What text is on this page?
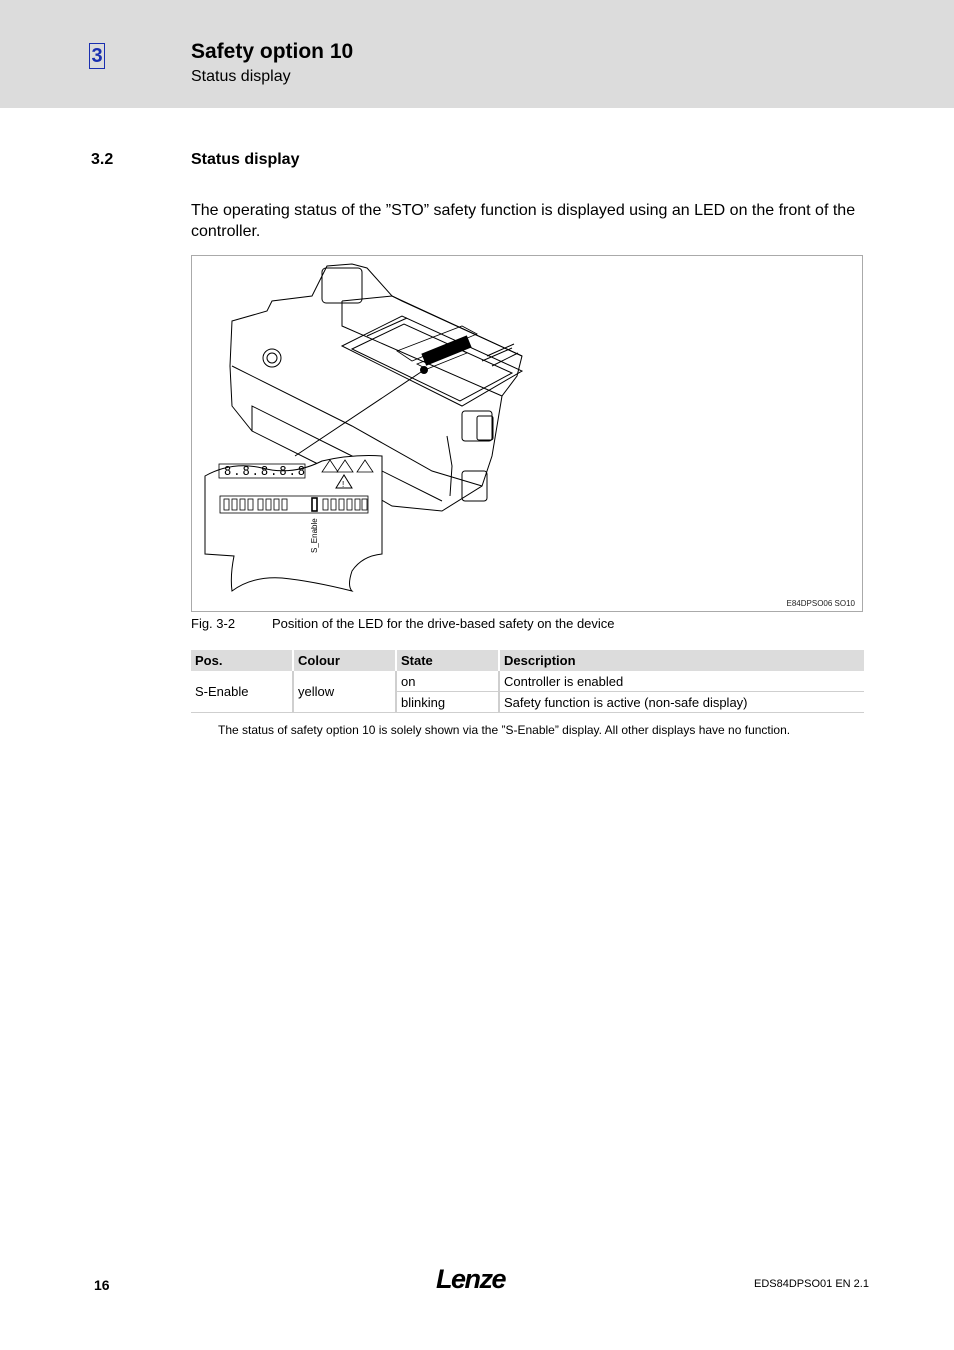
3	Safety option 10
Status display
3.2	Status display
The operating status of the ”STO” safety function is displayed using an LED on the front of the controller.
8.8.8.8.8
!
S_Enable
E84DPSO06 SO10
Fig. 3-2	Position of the LED for the drive-based safety on the device
Pos.	Colour	State	Description
S-Enable	yellow	on	Controller is enabled
		blinking	Safety function is active (non-safe display)
The status of safety option 10 is solely shown via the ”S-Enable” display. All other displays have no function.
16	Lenze	EDS84DPSO01 EN 2.1
